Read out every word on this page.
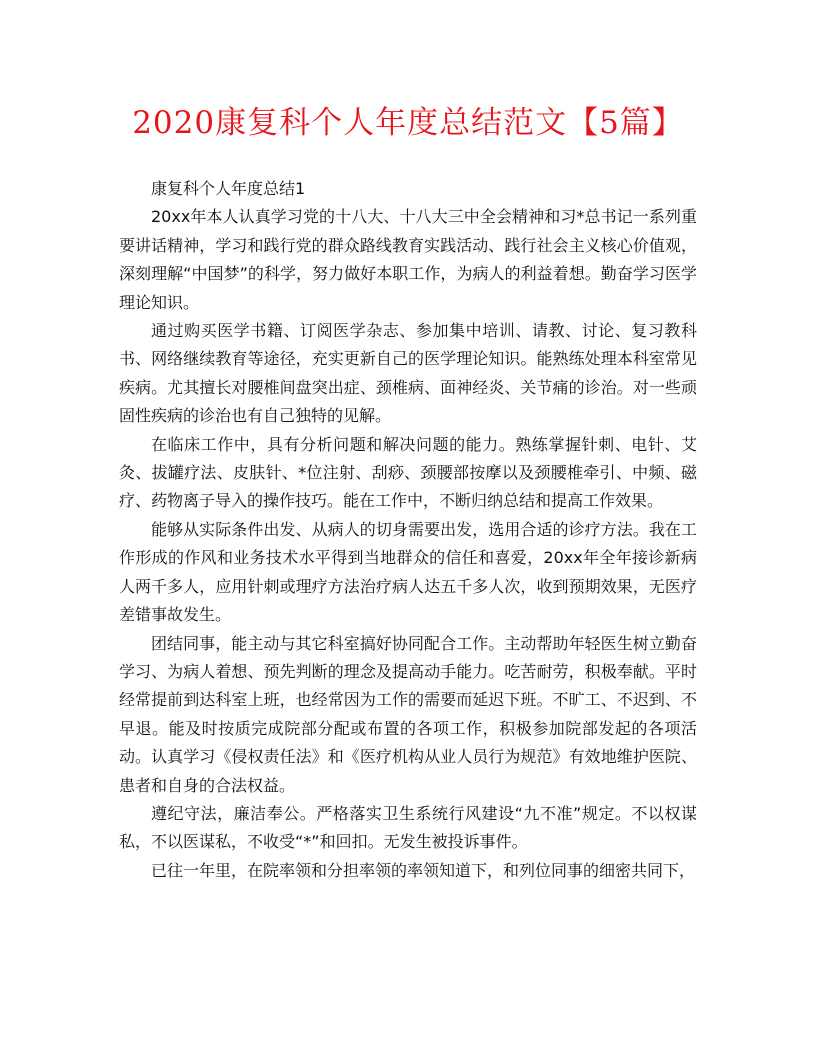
2020康复科个人年度总结范文【5篇】

康复科个人年度总结1

20xx年本人认真学习党的十八大、十八大三中全会精神和习*总书记一系列重要讲话精神，学习和践行党的群众路线教育实践活动、践行社会主义核心价值观，深刻理解“中国梦”的科学，努力做好本职工作，为病人的利益着想。勤奋学习医学理论知识。

通过购买医学书籍、订阅医学杂志、参加集中培训、请教、讨论、复习教科书、网络继续教育等途径，充实更新自己的医学理论知识。能熟练处理本科室常见疾病。尤其擅长对腰椎间盘突出症、颈椎病、面神经炎、关节痛的诊治。对一些顽固性疾病的诊治也有自己独特的见解。

在临床工作中，具有分析问题和解决问题的能力。熟练掌握针刺、电针、艾灸、拔罐疗法、皮肤针、*位注射、刮痧、颈腰部按摩以及颈腰椎牵引、中频、磁疗、药物离子导入的操作技巧。能在工作中，不断归纳总结和提高工作效果。

能够从实际条件出发、从病人的切身需要出发，选用合适的诊疗方法。我在工作形成的作风和业务技术水平得到当地群众的信任和喜爱，20xx年全年接诊新病人两千多人，应用针刺或理疗方法治疗病人达五千多人次，收到预期效果，无医疗差错事故发生。

团结同事，能主动与其它科室搞好协同配合工作。主动帮助年轻医生树立勤奋学习、为病人着想、预先判断的理念及提高动手能力。吃苦耐劳，积极奉献。平时经常提前到达科室上班，也经常因为工作的需要而延迟下班。不旷工、不迟到、不早退。能及时按质完成院部分配或布置的各项工作，积极参加院部发起的各项活动。认真学习《侵权责任法》和《医疗机构从业人员行为规范》有效地维护医院、患者和自身的合法权益。

遵纪守法，廉洁奉公。严格落实卫生系统行风建设“九不准”规定。不以权谋私，不以医谋私，不收受“*”和回扣。无发生被投诉事件。

已往一年里，在院率领和分担率领的率领知道下，和列位同事的细密共同下，
